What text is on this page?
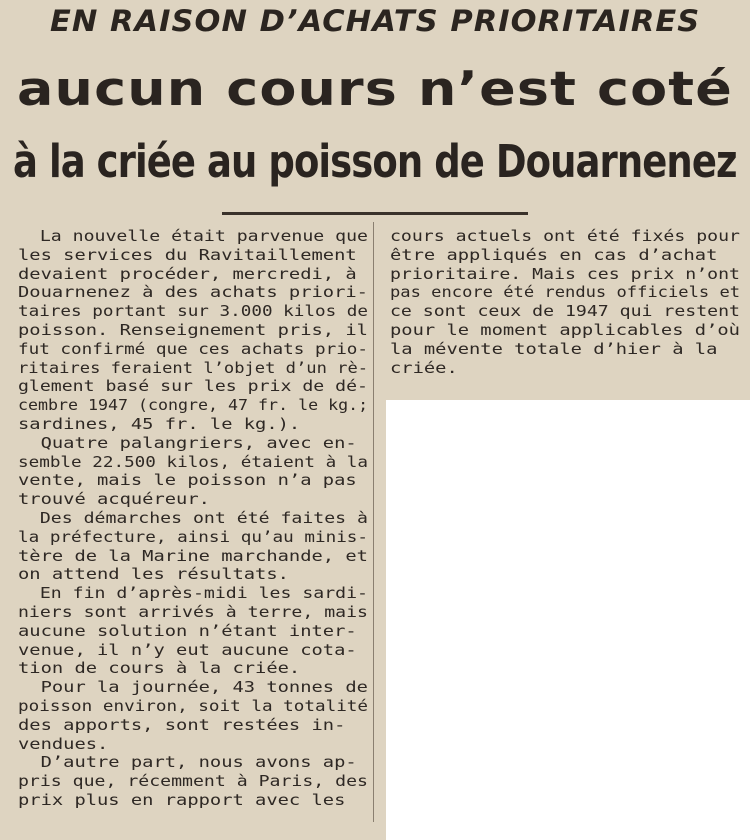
EN RAISON D’ACHATS PRIORITAIRES
aucun cours n’est coté
à la criée au poisson de Douarnenez
La nouvelle était parvenue que
les services du Ravitaillement
devaient procéder, mercredi, à
Douarnenez à des achats priori-
taires portant sur 3.000 kilos de
poisson. Renseignement pris, il
fut confirmé que ces achats prio-
ritaires feraient l’objet d’un rè-
glement basé sur les prix de dé-
cembre 1947 (congre, 47 fr. le kg.;
sardines, 45 fr. le kg.).
Quatre palangriers, avec en-
semble 22.500 kilos, étaient à la
vente, mais le poisson n’a pas
trouvé acquéreur.
Des démarches ont été faites à
la préfecture, ainsi qu’au minis-
tère de la Marine marchande, et
on attend les résultats.
En fin d’après-midi les sardi-
niers sont arrivés à terre, mais
aucune solution n’étant inter-
venue, il n’y eut aucune cota-
tion de cours à la criée.
Pour la journée, 43 tonnes de
poisson environ, soit la totalité
des apports, sont restées in-
vendues.
D’autre part, nous avons ap-
pris que, récemment à Paris, des
prix plus en rapport avec les
cours actuels ont été fixés pour
être appliqués en cas d’achat
prioritaire. Mais ces prix n’ont
pas encore été rendus officiels et
ce sont ceux de 1947 qui restent
pour le moment applicables d’où
la mévente totale d’hier à la
criée.
